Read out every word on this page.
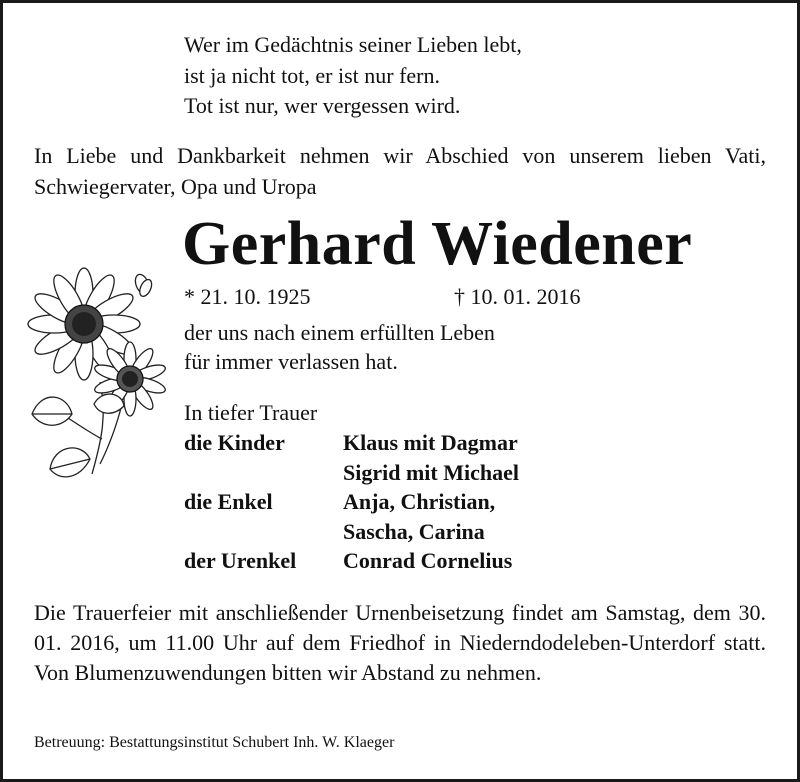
Wer im Gedächtnis seiner Lieben lebt,
ist ja nicht tot, er ist nur fern.
Tot ist nur, wer vergessen wird.
In Liebe und Dankbarkeit nehmen wir Abschied von unserem lieben Vati, Schwiegervater, Opa und Uropa
Gerhard Wiedener
* 21. 10. 1925	† 10. 01. 2016
der uns nach einem erfüllten Leben
für immer verlassen hat.
In tiefer Trauer
die Kinder	Klaus mit Dagmar
Sigrid mit Michael
die Enkel	Anja, Christian,
Sascha, Carina
der Urenkel	Conrad Cornelius
Die Trauerfeier mit anschließender Urnenbeisetzung findet am Samstag, dem 30. 01. 2016, um 11.00 Uhr auf dem Friedhof in Niederndodeleben-Unterdorf statt. Von Blumenzuwendungen bitten wir Abstand zu nehmen.
Betreuung: Bestattungsinstitut Schubert Inh. W. Klaeger
